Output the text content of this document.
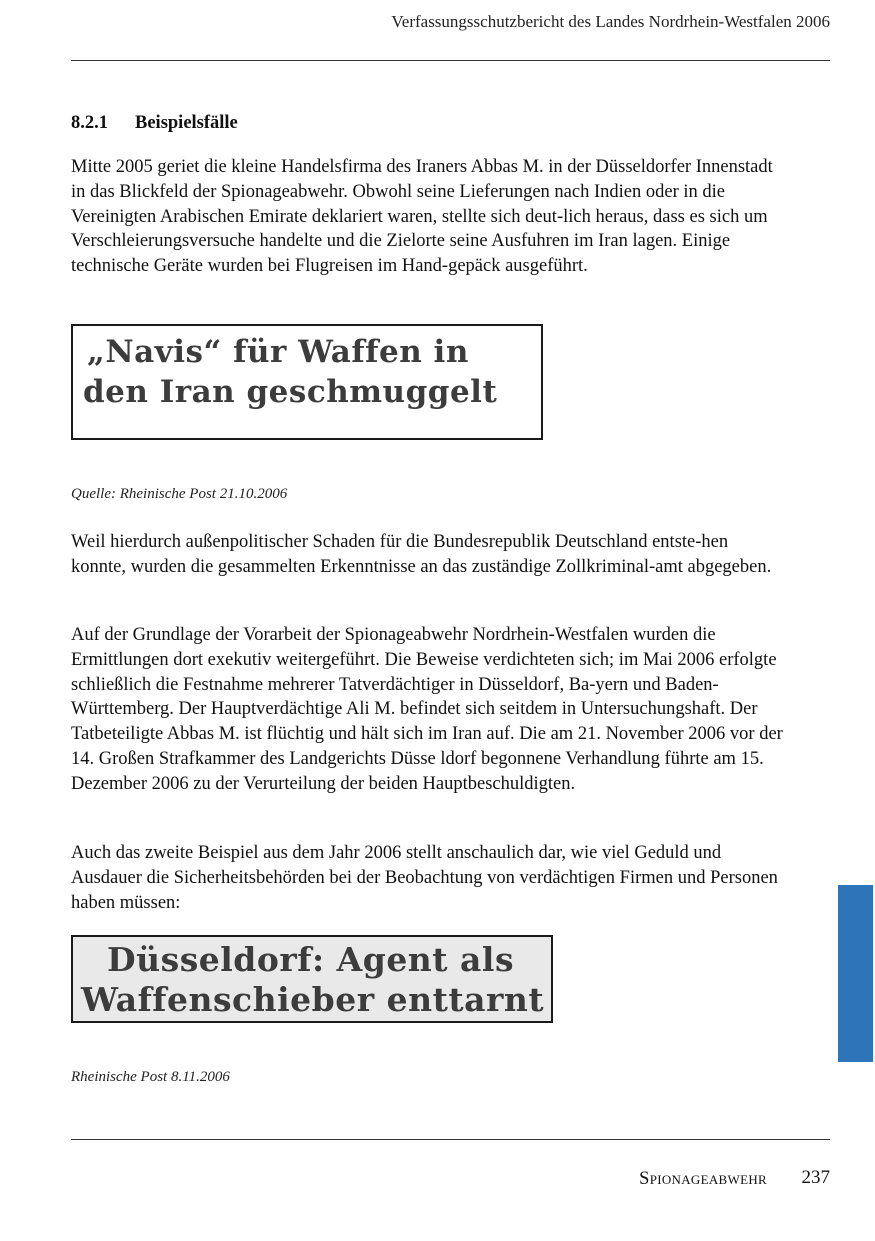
Verfassungsschutzbericht des Landes Nordrhein-Westfalen 2006
8.2.1 Beispielsfälle

Mitte 2005 geriet die kleine Handelsfirma des Iraners Abbas M. in der Düsseldorfer Innenstadt in das Blickfeld der Spionageabwehr. Obwohl seine Lieferungen nach Indien oder in die Vereinigten Arabischen Emirate deklariert waren, stellte sich deut-lich heraus, dass es sich um Verschleierungsversuche handelte und die Zielorte seine Ausfuhren im Iran lagen. Einige technische Geräte wurden bei Flugreisen im Hand-gepäck ausgeführt.

„Navis“ für Waffen in
den Iran geschmuggelt
Quelle: Rheinische Post 21.10.2006

Weil hierdurch außenpolitischer Schaden für die Bundesrepublik Deutschland entste-hen konnte, wurden die gesammelten Erkenntnisse an das zuständige Zollkriminal-amt abgegeben.

Auf der Grundlage der Vorarbeit der Spionageabwehr Nordrhein-Westfalen wurden die Ermittlungen dort exekutiv weitergeführt. Die Beweise verdichteten sich; im Mai 2006 erfolgte schließlich die Festnahme mehrerer Tatverdächtiger in Düsseldorf, Ba-yern und Baden-Württemberg. Der Hauptverdächtige Ali M. befindet sich seitdem in Untersuchungshaft. Der Tatbeteiligte Abbas M. ist flüchtig und hält sich im Iran auf. Die am 21. November 2006 vor der 14. Großen Strafkammer des Landgerichts Düsse ldorf begonnene Verhandlung führte am 15. Dezember 2006 zu der Verurteilung der beiden Hauptbeschuldigten.

Auch das zweite Beispiel aus dem Jahr 2006 stellt anschaulich dar, wie viel Geduld und Ausdauer die Sicherheitsbehörden bei der Beobachtung von verdächtigen Firmen und Personen haben müssen:

Düsseldorf: Agent als
Waffenschieber enttarnt
Rheinische Post 8.11.2006
Spionageabwehr 237
